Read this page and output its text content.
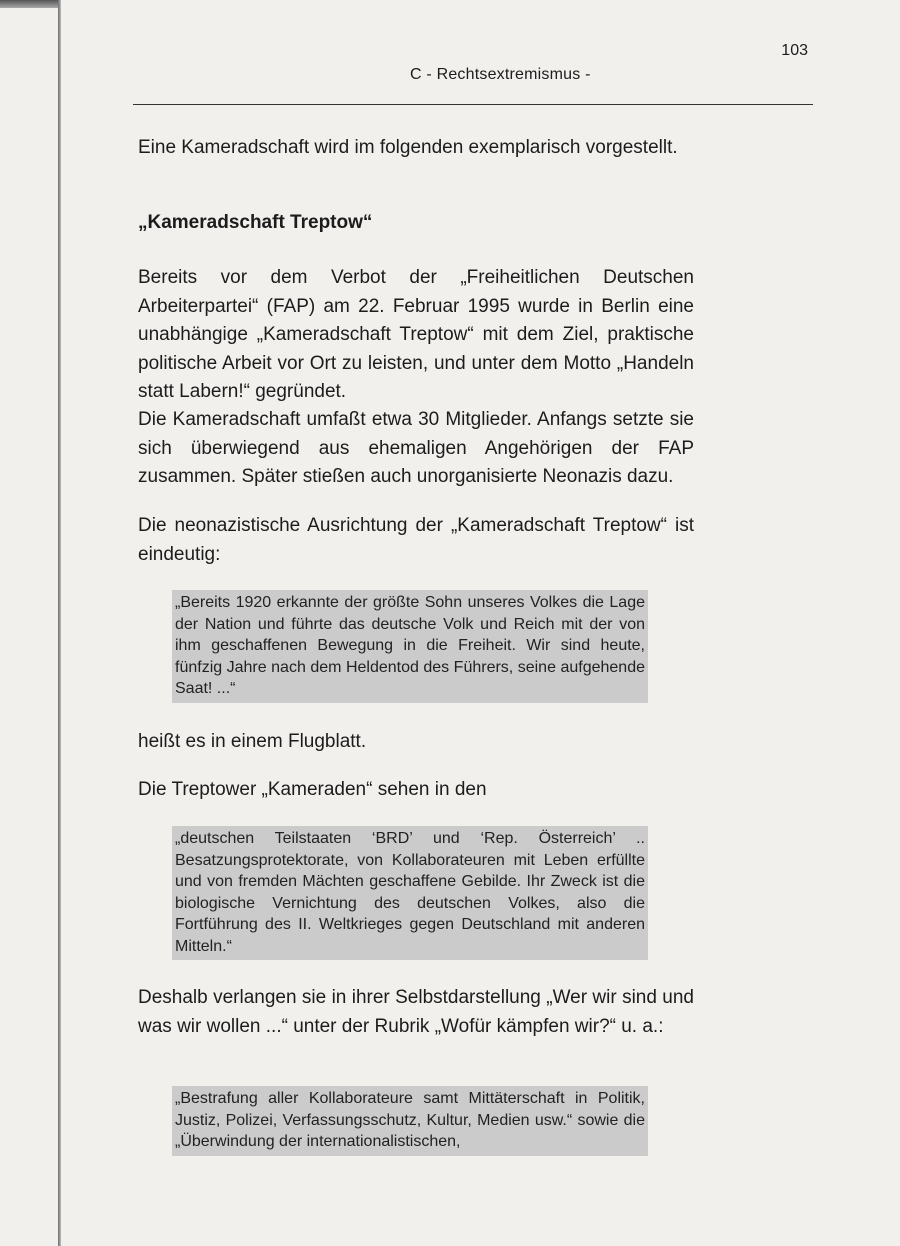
103
C - Rechtsextremismus -
Eine Kameradschaft wird im folgenden exemplarisch vorgestellt.
„Kameradschaft Treptow“
Bereits vor dem Verbot der „Freiheitlichen Deutschen Arbeiterpartei“ (FAP) am 22. Februar 1995 wurde in Berlin eine unabhängige „Kameradschaft Treptow“ mit dem Ziel, praktische politische Arbeit vor Ort zu leisten, und unter dem Motto „Handeln statt Labern!“ gegründet.
Die Kameradschaft umfaßt etwa 30 Mitglieder. Anfangs setzte sie sich überwiegend aus ehemaligen Angehörigen der FAP zusammen. Später stießen auch unorganisierte Neonazis dazu.
Die neonazistische Ausrichtung der „Kameradschaft Treptow“ ist eindeutig:
„Bereits 1920 erkannte der größte Sohn unseres Volkes die Lage der Nation und führte das deutsche Volk und Reich mit der von ihm geschaffenen Bewegung in die Freiheit. Wir sind heute, fünfzig Jahre nach dem Heldentod des Führers, seine aufgehende Saat! ...“
heißt es in einem Flugblatt.
Die Treptower „Kameraden“ sehen in den
„deutschen Teilstaaten ‘BRD’ und ‘Rep. Österreich’ .. Besatzungsprotektorate, von Kollaborateuren mit Leben erfüllte und von fremden Mächten geschaffene Gebilde. Ihr Zweck ist die biologische Vernichtung des deutschen Volkes, also die Fortführung des II. Weltkrieges gegen Deutschland mit anderen Mitteln.“
Deshalb verlangen sie in ihrer Selbstdarstellung „Wer wir sind und was wir wollen ...“ unter der Rubrik „Wofür kämpfen wir?“ u. a.:
„Bestrafung aller Kollaborateure samt Mittäterschaft in Politik, Justiz, Polizei, Verfassungsschutz, Kultur, Medien usw.“ sowie die „Überwindung der internationalistischen,
